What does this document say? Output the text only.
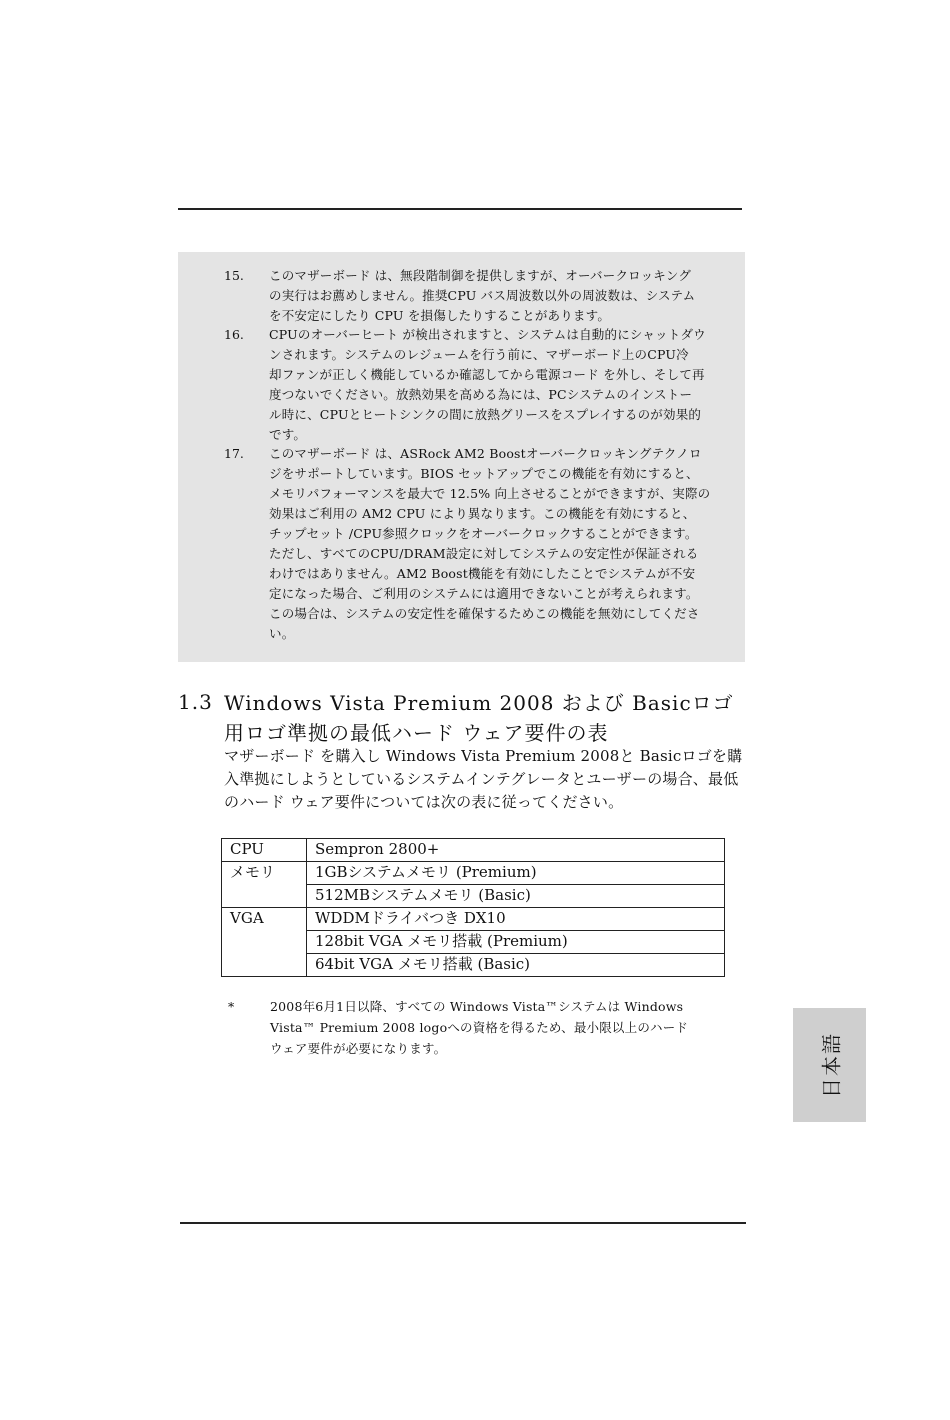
15.	このマザーボード は、無段階制御を提供しますが、オーバークロッキング
の実行はお薦めしません。推奨CPU バス周波数以外の周波数は、システム
を不安定にしたり CPU を損傷したりすることがあります。
16.	CPUのオーバーヒート が検出されますと、システムは自動的にシャットダウ
ンされます。システムのレジュームを行う前に、マザーボード上のCPU冷
却ファンが正しく機能しているか確認してから電源コード を外し、そして再
度つないでください。放熱効果を高める為には、PCシステムのインストー
ル時に、CPUとヒートシンクの間に放熱グリースをスプレイするのが効果的
です。
17.	このマザーボード は、ASRock AM2 Boostオーバークロッキングテクノロ
ジをサポートしています。BIOS セットアップでこの機能を有効にすると、
メモリパフォーマンスを最大で 12.5% 向上させることができますが、実際の
効果はご利用の AM2 CPU により異なります。この機能を有効にすると、
チップセット /CPU参照クロックをオーバークロックすることができます。
ただし、すべてのCPU/DRAM設定に対してシステムの安定性が保証される
わけではありません。AM2 Boost機能を有効にしたことでシステムが不安
定になった場合、ご利用のシステムには適用できないことが考えられます。
この場合は、システムの安定性を確保するためこの機能を無効にしてくださ
い。
1.3 Windows Vista Premium 2008 および Basicロゴ
用ロゴ準拠の最低ハード ウェア要件の表
マザーボード を購入し Windows Vista Premium 2008と Basicロゴを購
入準拠にしようとしているシステムインテグレータとユーザーの場合、最低
のハード ウェア要件については次の表に従ってください。
CPU	Sempron 2800+
メモリ	1GBシステムメモリ (Premium)
	512MBシステムメモリ (Basic)
VGA	WDDMドライバつき DX10
	128bit VGA メモリ搭載 (Premium)
	64bit VGA メモリ搭載 (Basic)
*	2008年6月1日以降、すべての Windows Vista™システムは Windows
Vista™ Premium 2008 logoへの資格を得るため、最小限以上のハード
ウェア要件が必要になります。	日本語
